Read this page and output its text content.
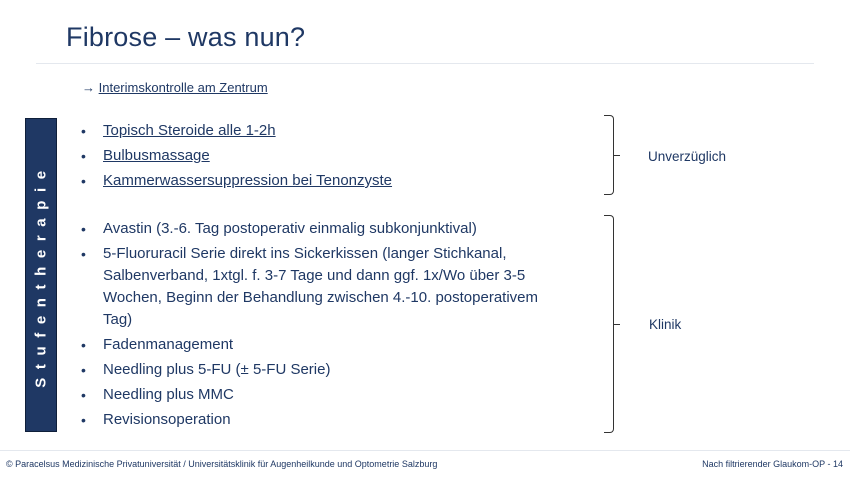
Fibrose – was nun?
→ Interimskontrolle am Zentrum
Stufentherapie
• Topisch Steroide alle 1-2h
• Bulbusmassage
• Kammerwassersuppression bei Tenonzyste
Unverzüglich
• Avastin (3.-6. Tag postoperativ einmalig subkonjunktival)
• 5-Fluoruracil Serie direkt ins Sickerkissen (langer Stichkanal, Salbenverband, 1xtgl. f. 3-7 Tage und dann ggf. 1x/Wo über 3-5 Wochen, Beginn der Behandlung zwischen 4.-10. postoperativem Tag)
• Fadenmanagement
• Needling plus 5-FU (± 5-FU Serie)
• Needling plus MMC
• Revisionsoperation
Klinik
© Paracelsus Medizinische Privatuniversität / Universitätsklinik für Augenheilkunde und Optometrie Salzburg	Nach filtrierender Glaukom-OP - 14
